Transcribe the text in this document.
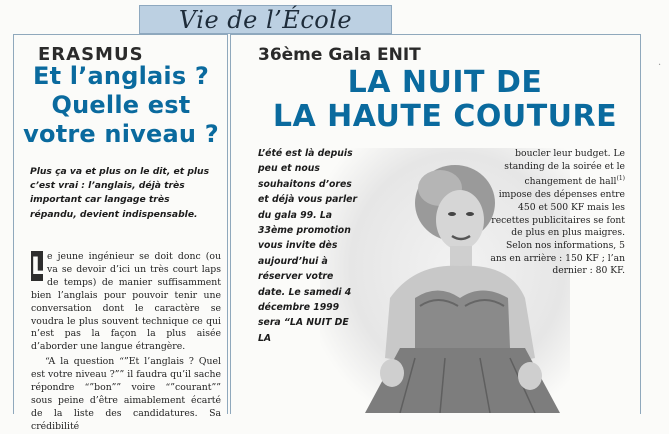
Vie de l’École
ERASMUS
Et l’anglais ?
Quelle est
votre niveau ?
Plus ça va et plus on le dit, et plus c’est vrai : l’anglais, déjà très important car langage très répandu, devient indispensable.

L e jeune ingénieur se doit donc (ou va se devoir d’ici un très court laps de temps) de manier suffisamment bien l’anglais pour pouvoir tenir une conversation dont le caractère se voudra le plus souvent technique ce qui n’est pas la façon la plus aisée d’aborder une langue étrangère.

“A la question “”Et l’anglais ? Quel est votre niveau ?”” il faudra qu’il sache répondre “”bon”” voire “”courant”” sous peine d’être aimablement écarté de la liste des candidatures. Sa crédibilité

36ème Gala ENIT
LA NUIT DE
LA HAUTE COUTURE
L’été est là depuis peu et nous souhaitons d’ores et déjà vous parler du gala 99. La 33ème promotion vous invite dès aujourd’hui à réserver votre date. Le samedi 4 décembre 1999 sera “LA NUIT DE LA
boucler leur budget. Le standing de la soirée et le changement de hall$^{(1)}$ impose des dépenses entre 450 et 500 KF mais les recettes publicitaires se font de plus en plus maigres. Selon nos informations, 5 ans en arrière : 150 KF ; l’an dernier : 80 KF.
·
